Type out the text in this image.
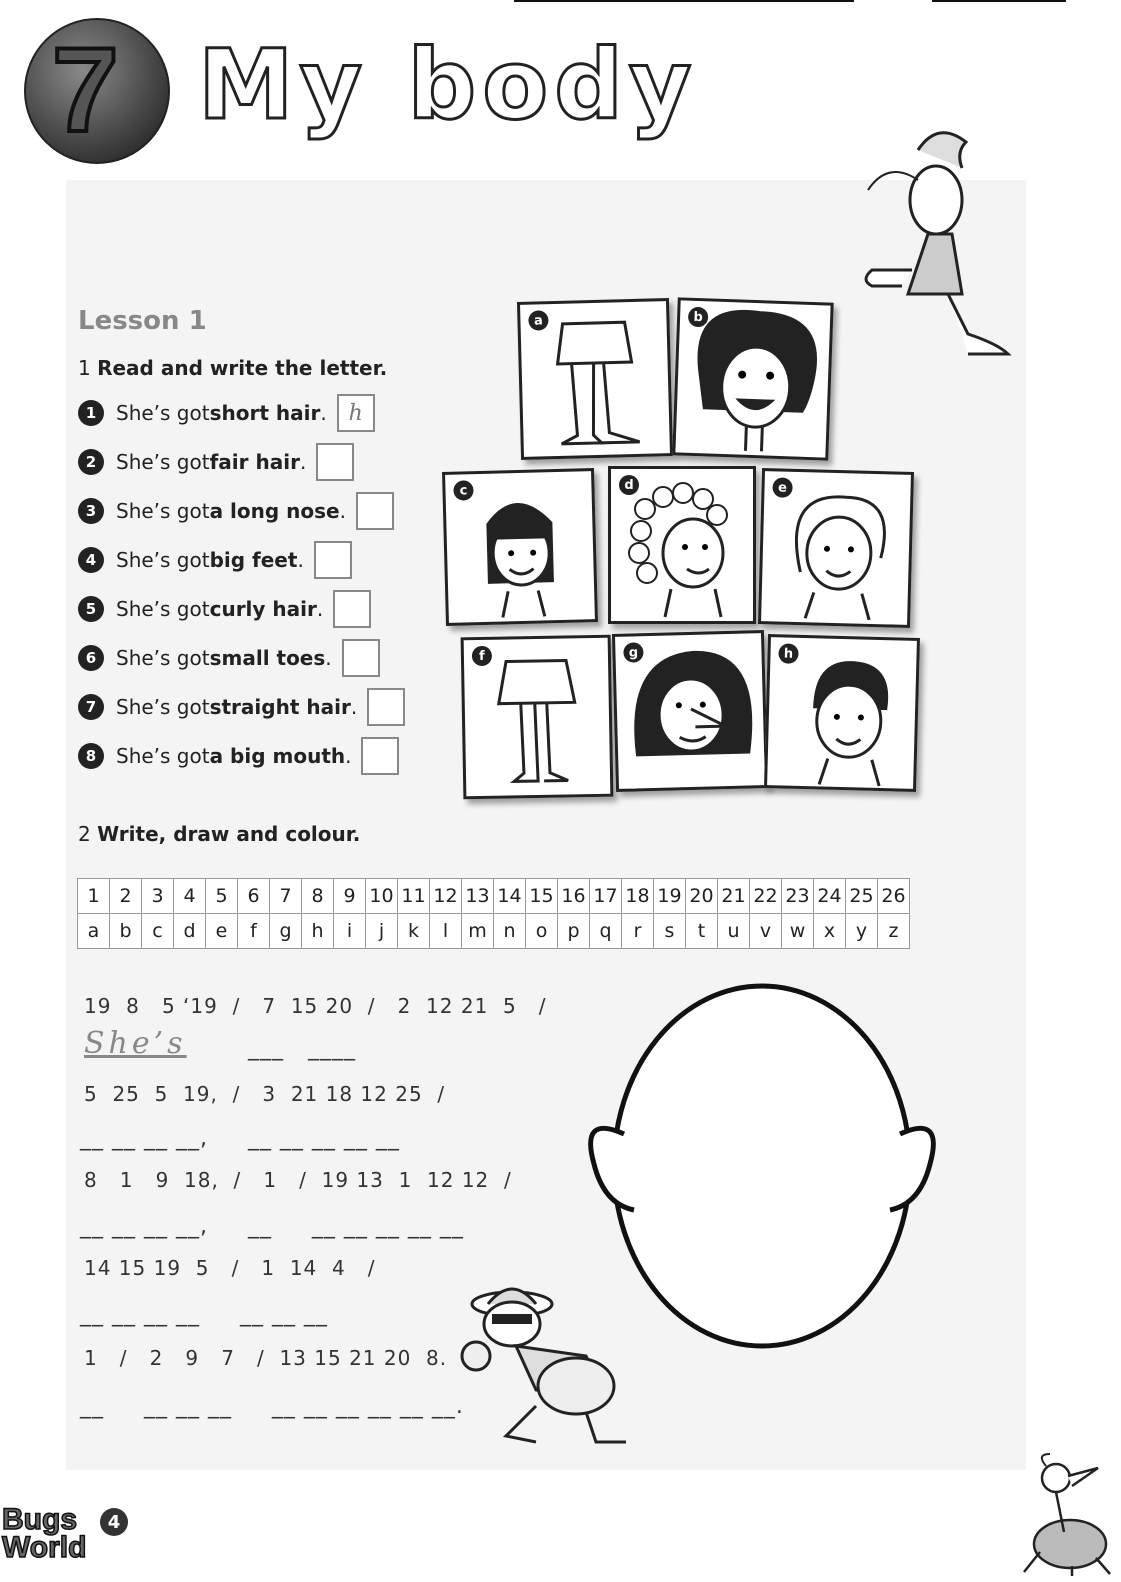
7 My body
Lesson 1
1 Read and write the letter.
1 She’s got short hair . h
2 She’s got fair hair .
3 She’s got a long nose .
4 She’s got big feet .
5 She’s got curly hair .
6 She’s got small toes .
7 She’s got straight hair .
8 She’s got a big mouth .
a	b
c	d	e
f	g	h
2 Write, draw and colour.
1	2	3	4	5	6	7	8	9	10	11	12	13	14	15	16	17	18	19	20	21	22	23	24	25	26
a	b	c	d	e	f	g	h	i	j	k	l	m	n	o	p	q	r	s	t	u	v	w	x	y	z
19  8   5 ‘19  /   7  15 20  /   2  12 21  5   /
She’s	___   ____
5  25  5  19,  /   3  21 18 12 25  /
__ __ __ __,     __ __ __ __ __
8   1   9  18,  /   1   /  19 13  1  12 12  /
__ __ __ __,     __     __ __ __ __ __
14 15 19  5   /   1  14  4   /
__ __ __ __     __ __ __
1   /   2   9   7   /  13 15 21 20  8.
__     __ __ __     __ __ __ __ __ __.
Bugs
World
4
